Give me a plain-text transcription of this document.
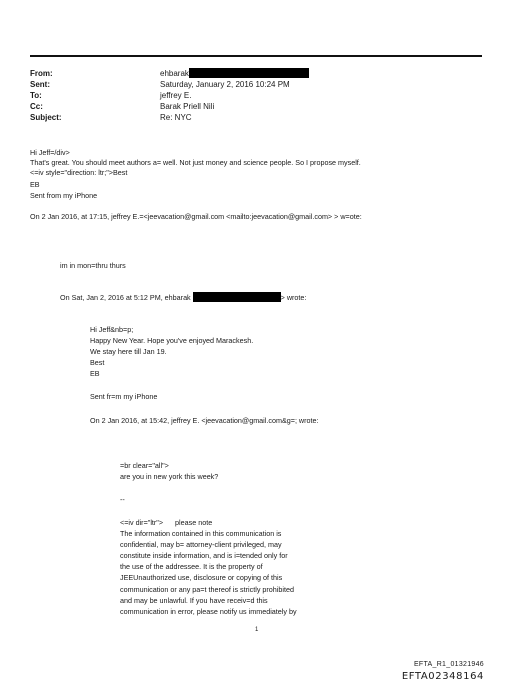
From:	ehbarak
Sent:	Saturday, January 2, 2016 10:24 PM
To:	jeffrey E.
Cc:	Barak Priell Nili
Subject:	Re: NYC
Hi Jeff=/div>
That's great. You should meet authors a= well. Not just money and science people. So I propose myself.
<=iv style="direction: ltr;">Best
EB
Sent from my iPhone
On 2 Jan 2016, at 17:15, jeffrey E.=<jeevacation@gmail.com <mailto:jeevacation@gmail.com> > w=ote:
im in mon=thru thurs
On Sat, Jan 2, 2016 at 5:12 PM, ehbarak	> wrote:
Hi Jeff&nb=p;
Happy New Year. Hope you've enjoyed Marackesh.
We stay here till Jan 19.
Best
EB
Sent fr=m my iPhone
On 2 Jan 2016, at 15:42, jeffrey E. <jeevacation@gmail.com&g=; wrote:
=br clear="all">
are you in new york this week?
--
<=iv dir="ltr">      please note
The information contained in this communication is
confidential, may b= attorney-client privileged, may
constitute inside information, and is i=tended only for
the use of the addressee. It is the property of
JEEUnauthorized use, disclosure or copying of this
communication or any pa=t thereof is strictly prohibited
and may be unlawful. If you have receiv=d this
communication in error, please notify us immediately by
1
EFTA_R1_01321946
EFTA02348164
